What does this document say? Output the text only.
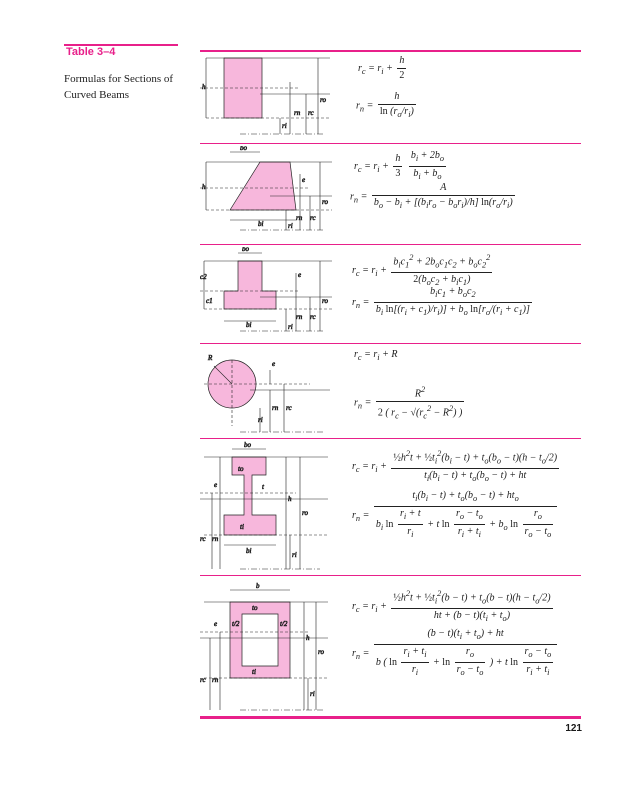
Table 3–4
Formulas for Sections of Curved Beams
121
h
ro
rn rc
ri
$r_c = r_i + \frac{h}{2}$
$r_n = \frac{h}{\ln (r_o/r_i)}$
bo
h
e
ro
bi
rn rc
ri
$r_c = r_i + \frac{h}{3}$
$\frac{b_i + 2b_o}{b_i + b_o}$
$r_n = \frac{A}{b_o - b_i + [(b_ir_o - b_or_i)/h] \ln(r_o/r_i)}$
bo
c2
c1
e
ro
bi
rn rc
ri
$r_c = r_i + \frac{b_ic_1^2 + 2b_oc_1c_2 + b_oc_2^2}{2(b_oc_2 + b_ic_1)}$
$r_n = \frac{b_ic_1 + b_oc_2}{b_i \ln[(r_i + c_1)/r_i)] + b_o \ln[r_o/(r_i + c_1)]}$
R
e
rn rc
ri
$r_c = r_i + R$
$r_n = \frac{R^2}{2 ( r_c - √(r_c^2 - R^2) )}$
bo
to
t
e
h
ro
ti
rc rn
bi	ri
$r_c = r_i + \frac{\frac{1}{2}h^2t + \frac{1}{2}t_i^2(b_i - t) + t_o(b_o - t)(h - t_o/2)}{t_i(b_i - t) + t_o(b_o - t) + ht}$
$r_n = \frac{t_i(b_i - t) + t_o(b_o - t) + ht_o}{b_i \ln \frac{r_i + t}{r_i} + t \ln \frac{r_o - t_o}{r_i + t_i} + b_o \ln \frac{r_o}{r_o - t_o}}$
b
to
t/2	t/2
e
h
ro
ti
rc rn
ri
$r_c = r_i + \frac{\frac{1}{2}h^2t + \frac{1}{2}t_i^2(b - t) + t_o(b - t)(h - t_o/2)}{ht + (b - t)(t_i + t_o)}$
$r_n = \frac{(b - t)(t_i + t_o) + ht}{b ( \ln \frac{r_i + t_i}{r_i} + \ln \frac{r_o}{r_o - t_o} ) + t \ln \frac{r_o - t_o}{r_i + t_i}}$
